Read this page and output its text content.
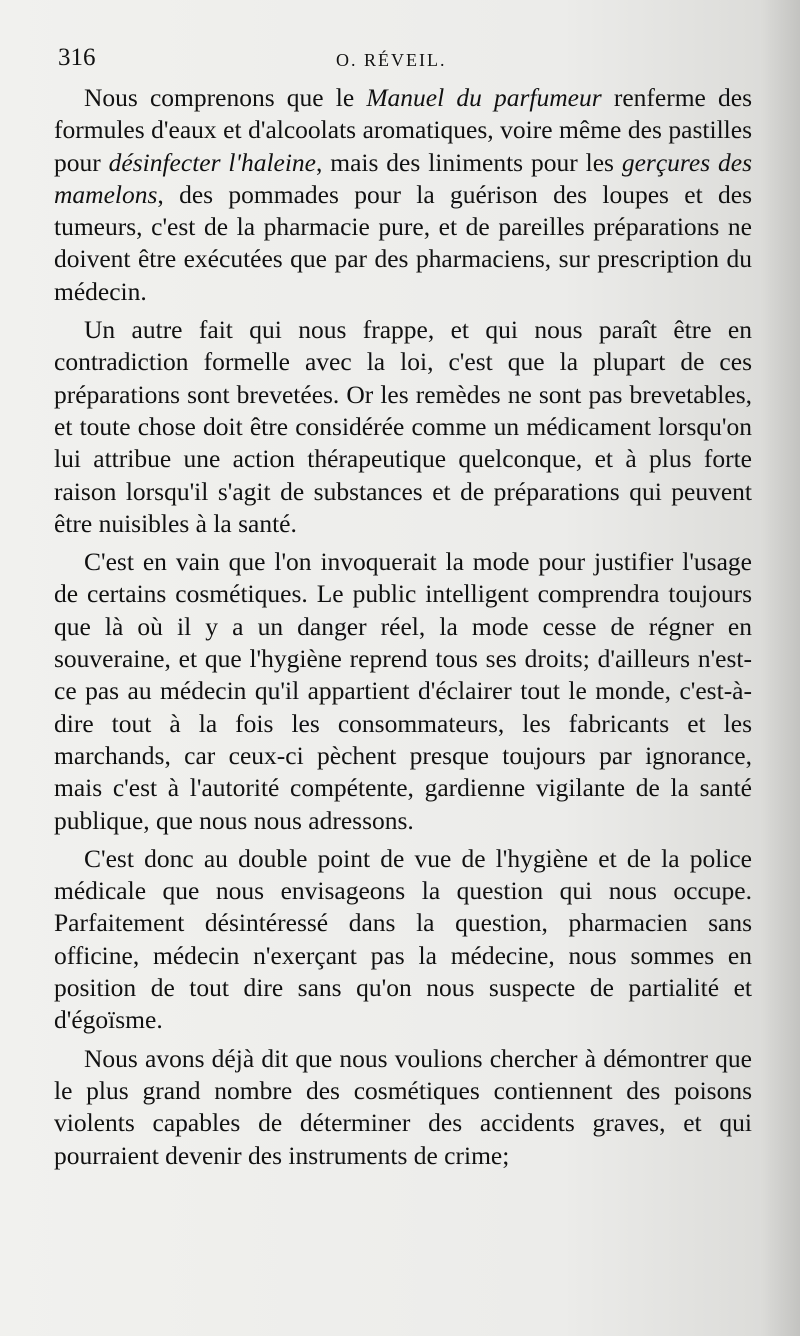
316	O. RÉVEIL.

Nous comprenons que le Manuel du parfumeur renferme des formules d'eaux et d'alcoolats aromatiques, voire même des pastilles pour désinfecter l'haleine, mais des liniments pour les gerçures des mamelons, des pommades pour la guérison des loupes et des tumeurs, c'est de la pharmacie pure, et de pareilles préparations ne doivent être exécutées que par des pharmaciens, sur prescription du médecin.

Un autre fait qui nous frappe, et qui nous paraît être en contradiction formelle avec la loi, c'est que la plupart de ces préparations sont brevetées. Or les remèdes ne sont pas brevetables, et toute chose doit être considérée comme un médicament lorsqu'on lui attribue une action thérapeutique quelconque, et à plus forte raison lorsqu'il s'agit de substances et de préparations qui peuvent être nuisibles à la santé.

C'est en vain que l'on invoquerait la mode pour justifier l'usage de certains cosmétiques. Le public intelligent comprendra toujours que là où il y a un danger réel, la mode cesse de régner en souveraine, et que l'hygiène reprend tous ses droits; d'ailleurs n'est-ce pas au médecin qu'il appartient d'éclairer tout le monde, c'est-à-dire tout à la fois les consommateurs, les fabricants et les marchands, car ceux-ci pèchent presque toujours par ignorance, mais c'est à l'autorité compétente, gardienne vigilante de la santé publique, que nous nous adressons.

C'est donc au double point de vue de l'hygiène et de la police médicale que nous envisageons la question qui nous occupe. Parfaitement désintéressé dans la question, pharmacien sans officine, médecin n'exerçant pas la médecine, nous sommes en position de tout dire sans qu'on nous suspecte de partialité et d'égoïsme.

Nous avons déjà dit que nous voulions chercher à démontrer que le plus grand nombre des cosmétiques contiennent des poisons violents capables de déterminer des accidents graves, et qui pourraient devenir des instruments de crime;
